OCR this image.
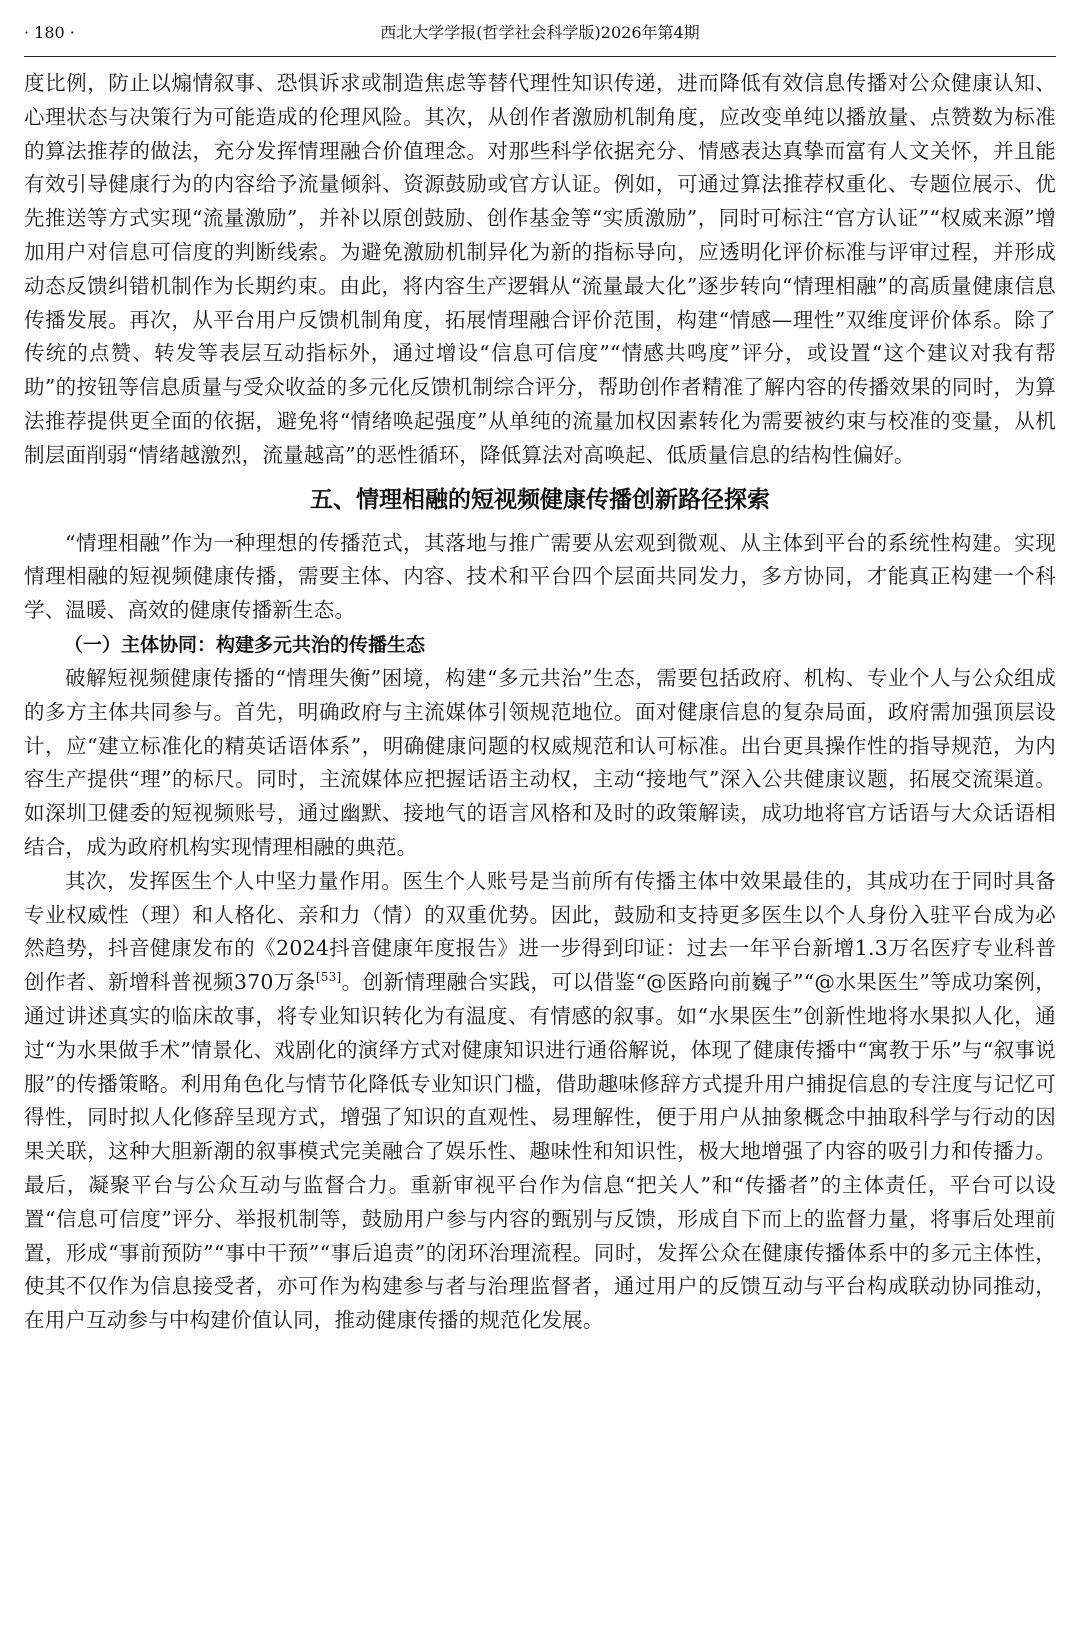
· 180 ·	西北大学学报(哲学社会科学版)2026年第4期

度比例，防止以煽情叙事、恐惧诉求或制造焦虑等替代理性知识传递，进而降低有效信息传播对公众健康认知、心理状态与决策行为可能造成的伦理风险。其次，从创作者激励机制角度，应改变单纯以播放量、点赞数为标准的算法推荐的做法，充分发挥情理融合价值理念。对那些科学依据充分、情感表达真挚而富有人文关怀，并且能有效引导健康行为的内容给予流量倾斜、资源鼓励或官方认证。例如，可通过算法推荐权重化、专题位展示、优先推送等方式实现“流量激励”，并补以原创鼓励、创作基金等“实质激励”，同时可标注“官方认证”“权威来源”增加用户对信息可信度的判断线索。为避免激励机制异化为新的指标导向，应透明化评价标准与评审过程，并形成动态反馈纠错机制作为长期约束。由此，将内容生产逻辑从“流量最大化”逐步转向“情理相融”的高质量健康信息传播发展。再次，从平台用户反馈机制角度，拓展情理融合评价范围，构建“情感—理性”双维度评价体系。除了传统的点赞、转发等表层互动指标外，通过增设“信息可信度”“情感共鸣度”评分，或设置“这个建议对我有帮助”的按钮等信息质量与受众收益的多元化反馈机制综合评分，帮助创作者精准了解内容的传播效果的同时，为算法推荐提供更全面的依据，避免将“情绪唤起强度”从单纯的流量加权因素转化为需要被约束与校准的变量，从机制层面削弱“情绪越激烈，流量越高”的恶性循环，降低算法对高唤起、低质量信息的结构性偏好。

五、情理相融的短视频健康传播创新路径探索

“情理相融”作为一种理想的传播范式，其落地与推广需要从宏观到微观、从主体到平台的系统性构建。实现情理相融的短视频健康传播，需要主体、内容、技术和平台四个层面共同发力，多方协同，才能真正构建一个科学、温暖、高效的健康传播新生态。

（一）主体协同：构建多元共治的传播生态

破解短视频健康传播的“情理失衡”困境，构建“多元共治”生态，需要包括政府、机构、专业个人与公众组成的多方主体共同参与。首先，明确政府与主流媒体引领规范地位。面对健康信息的复杂局面，政府需加强顶层设计，应“建立标准化的精英话语体系”，明确健康问题的权威规范和认可标准。出台更具操作性的指导规范，为内容生产提供“理”的标尺。同时，主流媒体应把握话语主动权，主动“接地气”深入公共健康议题，拓展交流渠道。如深圳卫健委的短视频账号，通过幽默、接地气的语言风格和及时的政策解读，成功地将官方话语与大众话语相结合，成为政府机构实现情理相融的典范。

其次，发挥医生个人中坚力量作用。医生个人账号是当前所有传播主体中效果最佳的，其成功在于同时具备专业权威性（理）和人格化、亲和力（情）的双重优势。因此，鼓励和支持更多医生以个人身份入驻平台成为必然趋势，抖音健康发布的《2024抖音健康年度报告》进一步得到印证：过去一年平台新增1.3万名医疗专业科普创作者、新增科普视频370万条[53]。创新情理融合实践，可以借鉴“@医路向前巍子”“@水果医生”等成功案例，通过讲述真实的临床故事，将专业知识转化为有温度、有情感的叙事。如“水果医生”创新性地将水果拟人化，通过“为水果做手术”情景化、戏剧化的演绎方式对健康知识进行通俗解说，体现了健康传播中“寓教于乐”与“叙事说服”的传播策略。利用角色化与情节化降低专业知识门槛，借助趣味修辞方式提升用户捕捉信息的专注度与记忆可得性，同时拟人化修辞呈现方式，增强了知识的直观性、易理解性，便于用户从抽象概念中抽取科学与行动的因果关联，这种大胆新潮的叙事模式完美融合了娱乐性、趣味性和知识性，极大地增强了内容的吸引力和传播力。最后，凝聚平台与公众互动与监督合力。重新审视平台作为信息“把关人”和“传播者”的主体责任，平台可以设置“信息可信度”评分、举报机制等，鼓励用户参与内容的甄别与反馈，形成自下而上的监督力量，将事后处理前置，形成“事前预防”“事中干预”“事后追责”的闭环治理流程。同时，发挥公众在健康传播体系中的多元主体性，使其不仅作为信息接受者，亦可作为构建参与者与治理监督者，通过用户的反馈互动与平台构成联动协同推动，在用户互动参与中构建价值认同，推动健康传播的规范化发展。
